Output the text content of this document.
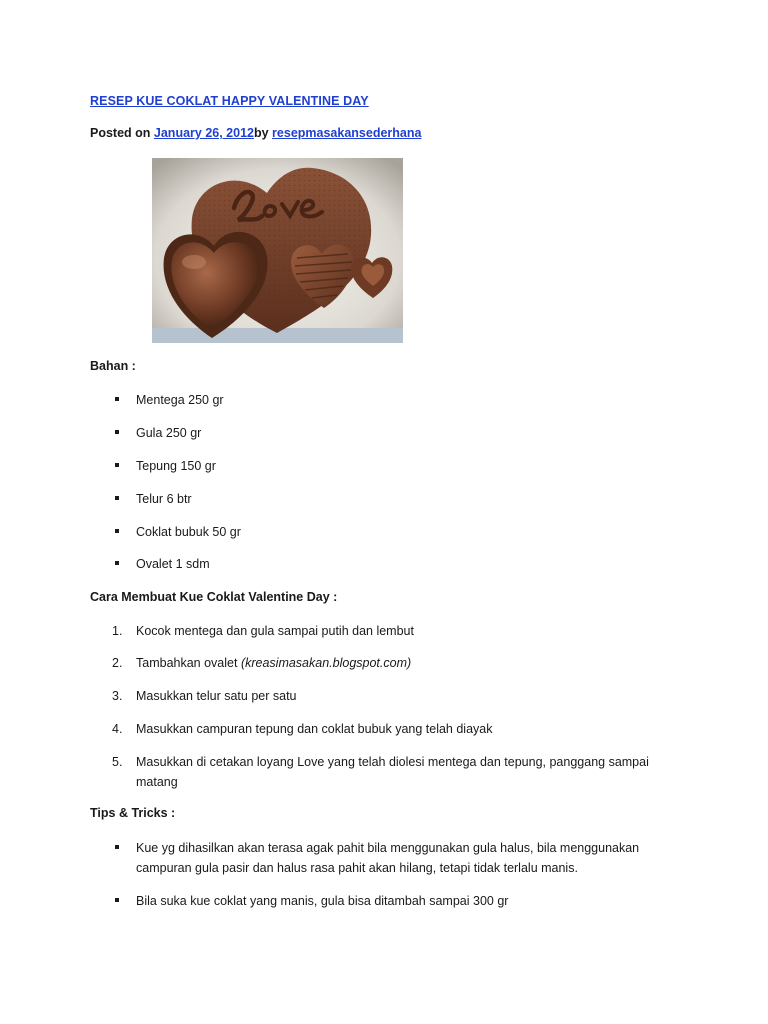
RESEP KUE COKLAT HAPPY VALENTINE DAY
Posted on January 26, 2012by resepmasakansederhana
Bahan :
Mentega 250 gr
Gula 250 gr
Tepung 150 gr
Telur 6 btr
Coklat bubuk 50 gr
Ovalet 1 sdm
Cara Membuat Kue Coklat Valentine Day :
1. Kocok mentega dan gula sampai putih dan lembut
2. Tambahkan ovalet (kreasimasakan.blogspot.com)
3. Masukkan telur satu per satu
4. Masukkan campuran tepung dan coklat bubuk yang telah diayak
5. Masukkan di cetakan loyang Love yang telah diolesi mentega dan tepung, panggang sampai matang
Tips & Tricks :
Kue yg dihasilkan akan terasa agak pahit bila menggunakan gula halus, bila menggunakan campuran gula pasir dan halus rasa pahit akan hilang, tetapi tidak terlalu manis.
Bila suka kue coklat yang manis, gula bisa ditambah sampai 300 gr
